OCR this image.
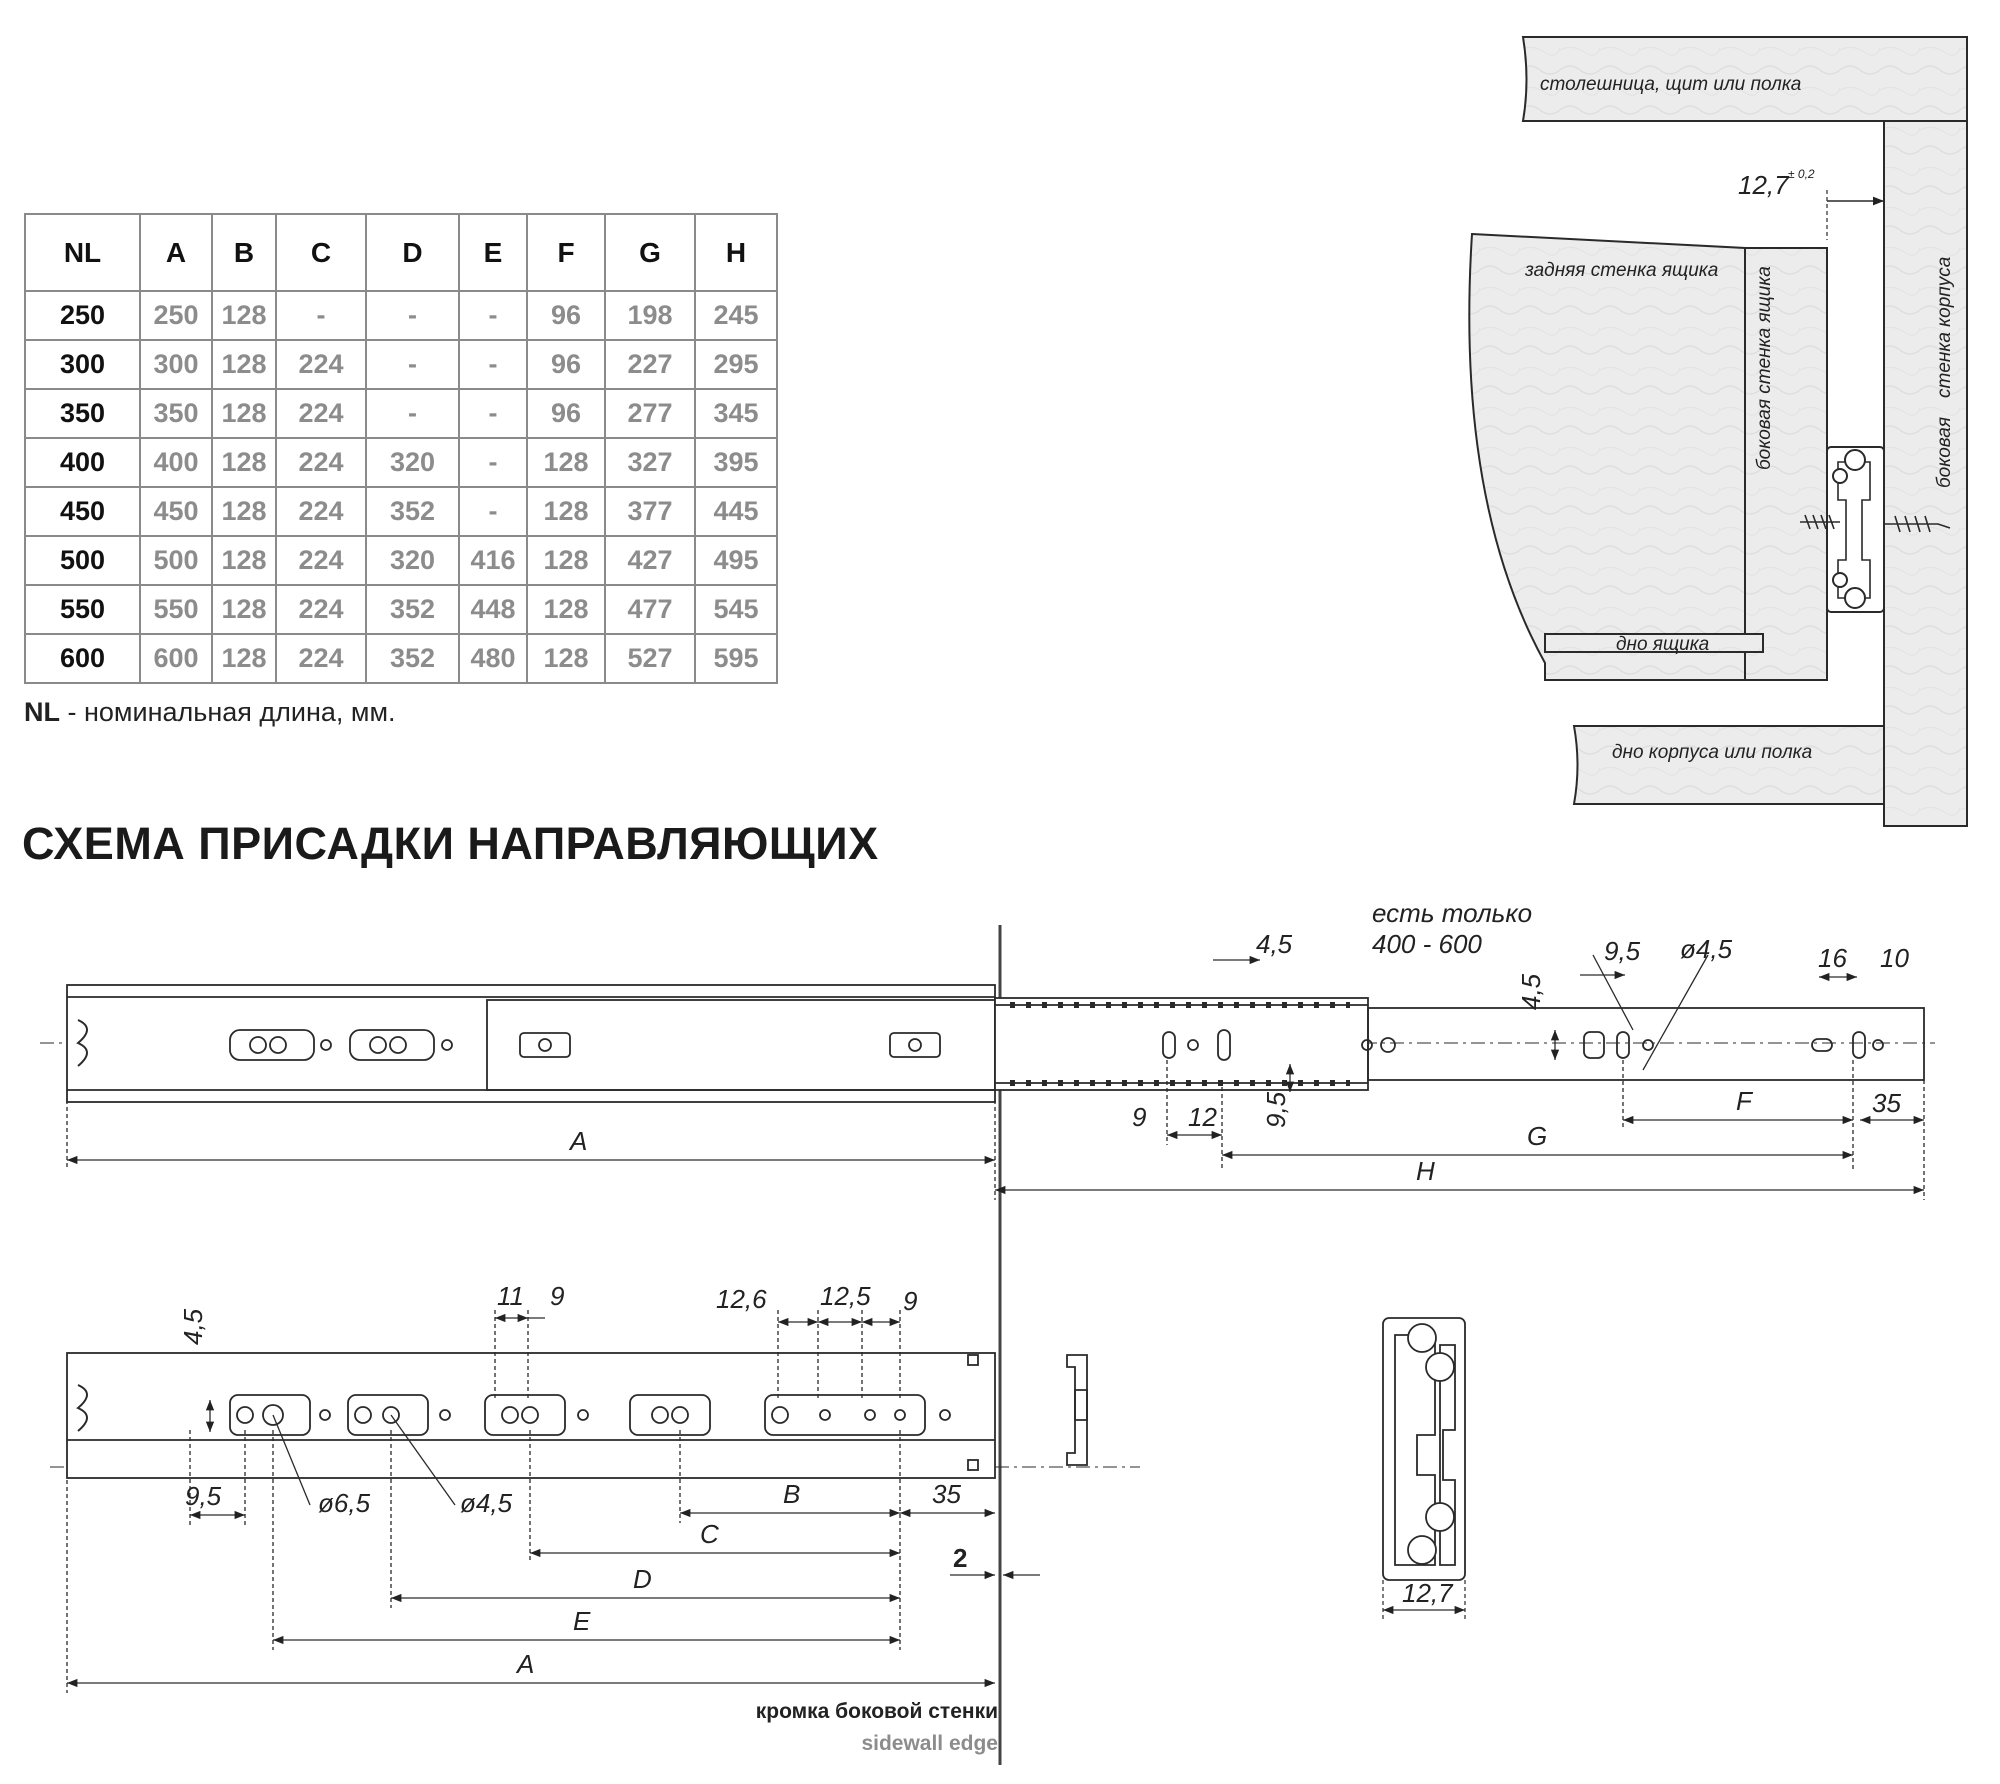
NL	A	B	C	D	E	F	G	H
250	250	128	-	-	-	96	198	245
300	300	128	224	-	-	96	227	295
350	350	128	224	-	-	96	277	345
400	400	128	224	320	-	128	327	395
450	450	128	224	352	-	128	377	445
500	500	128	224	320	416	128	427	495
550	550	128	224	352	448	128	477	545
600	600	128	224	352	480	128	527	595
NL - номинальная длина, мм.
СХЕМА ПРИСАДКИ НАПРАВЛЯЮЩИХ
столешница, щит или полка
задняя стенка ящика боковая стенка ящика	боковая
стенка корпуса
дно ящика
дно корпуса или полка
12,7 ± 0,2
A
H
G
F	35
9 12 9,5
4,5
4,5
есть только
400 - 600	9,5 ø4,5	16 10
A
E
D
C
B	35
9,5	ø6,5	ø4,5
4,5
11 9	12,6 12,5 9
2
12,7
кромка боковой стенки
sidewall edge
